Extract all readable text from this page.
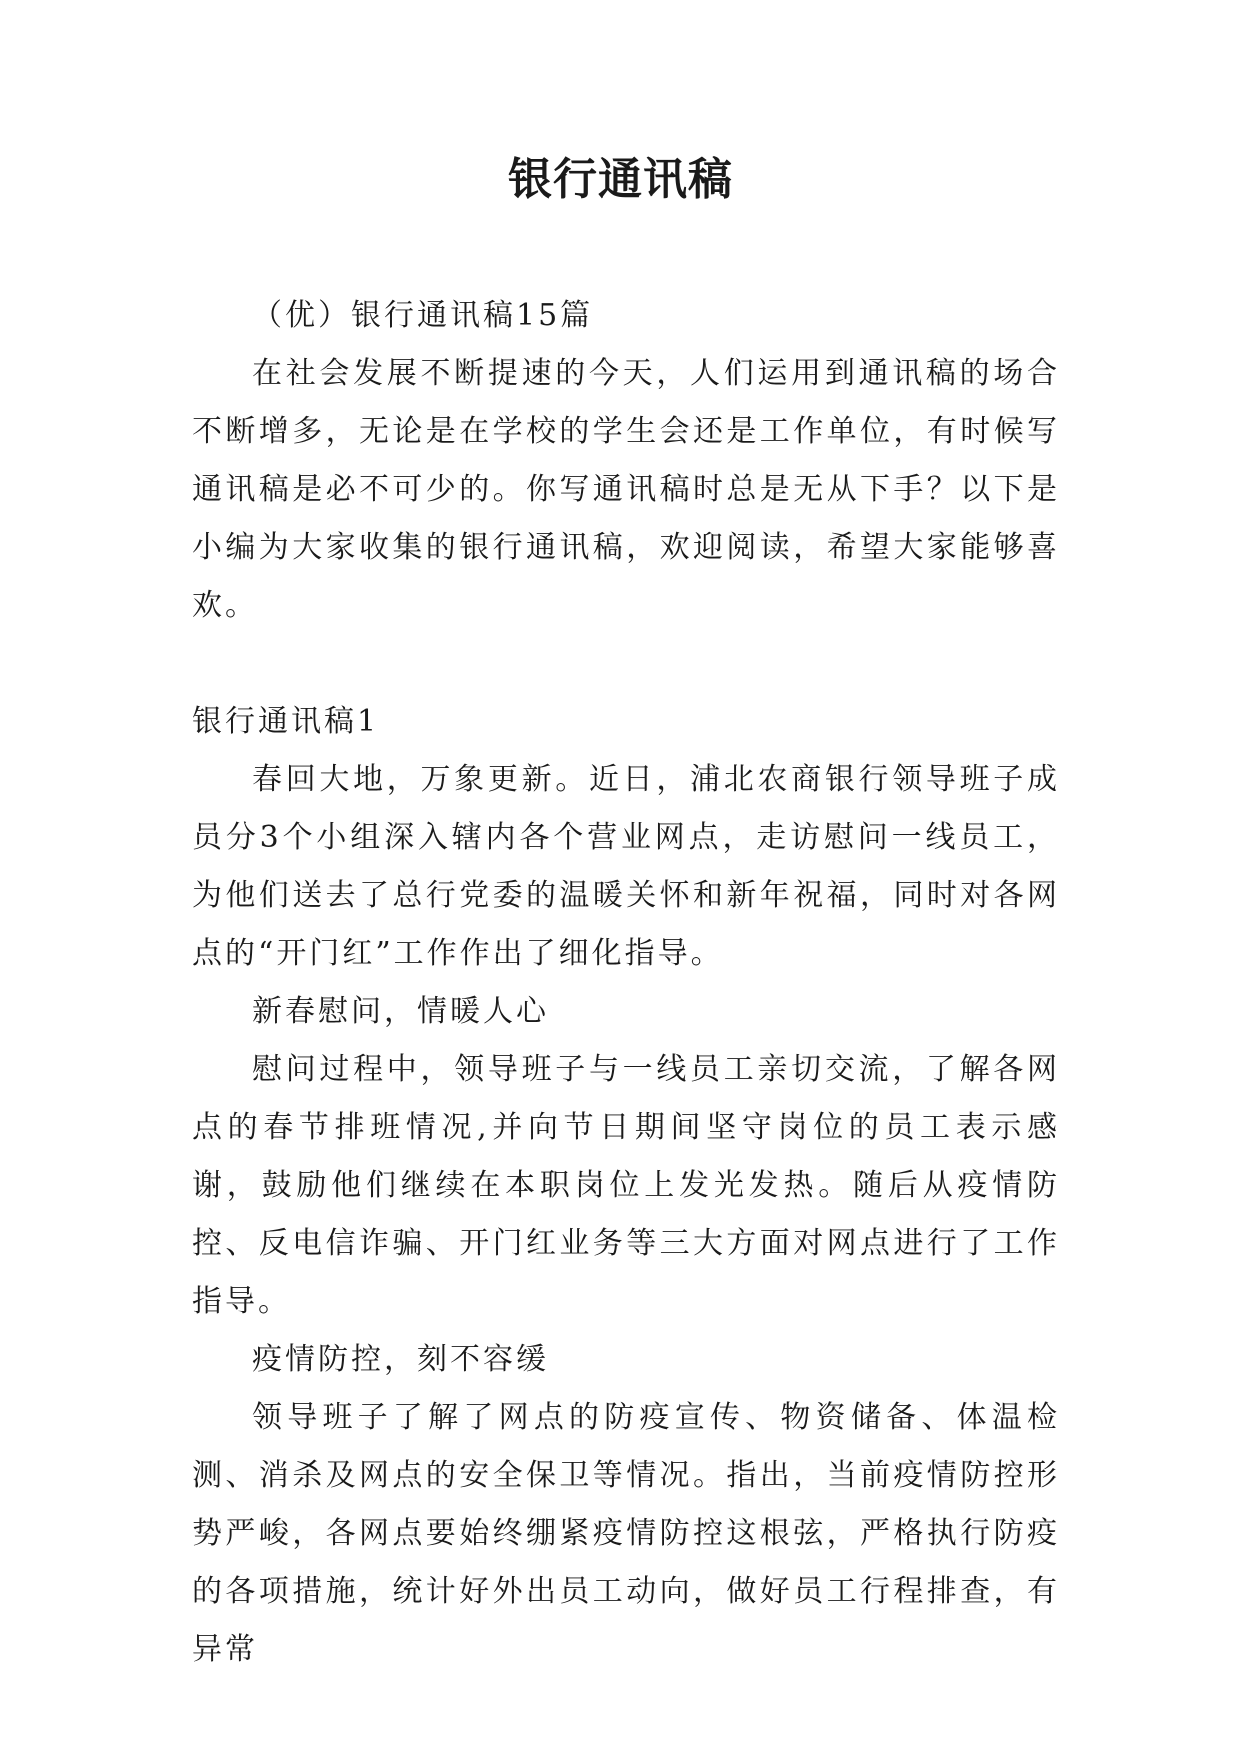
银行通讯稿

（优）银行通讯稿15篇

在社会发展不断提速的今天，人们运用到通讯稿的场合不断增多，无论是在学校的学生会还是工作单位，有时候写通讯稿是必不可少的。你写通讯稿时总是无从下手？以下是小编为大家收集的银行通讯稿，欢迎阅读，希望大家能够喜欢。

银行通讯稿1

春回大地，万象更新。近日，浦北农商银行领导班子成员分3个小组深入辖内各个营业网点，走访慰问一线员工，为他们送去了总行党委的温暖关怀和新年祝福，同时对各网点的“开门红”工作作出了细化指导。

新春慰问，情暖人心

慰问过程中，领导班子与一线员工亲切交流，了解各网点的春节排班情况,并向节日期间坚守岗位的员工表示感谢，鼓励他们继续在本职岗位上发光发热。随后从疫情防控、反电信诈骗、开门红业务等三大方面对网点进行了工作指导。

疫情防控，刻不容缓

领导班子了解了网点的防疫宣传、物资储备、体温检测、消杀及网点的安全保卫等情况。指出，当前疫情防控形势严峻，各网点要始终绷紧疫情防控这根弦，严格执行防疫的各项措施，统计好外出员工动向，做好员工行程排查，有异常
